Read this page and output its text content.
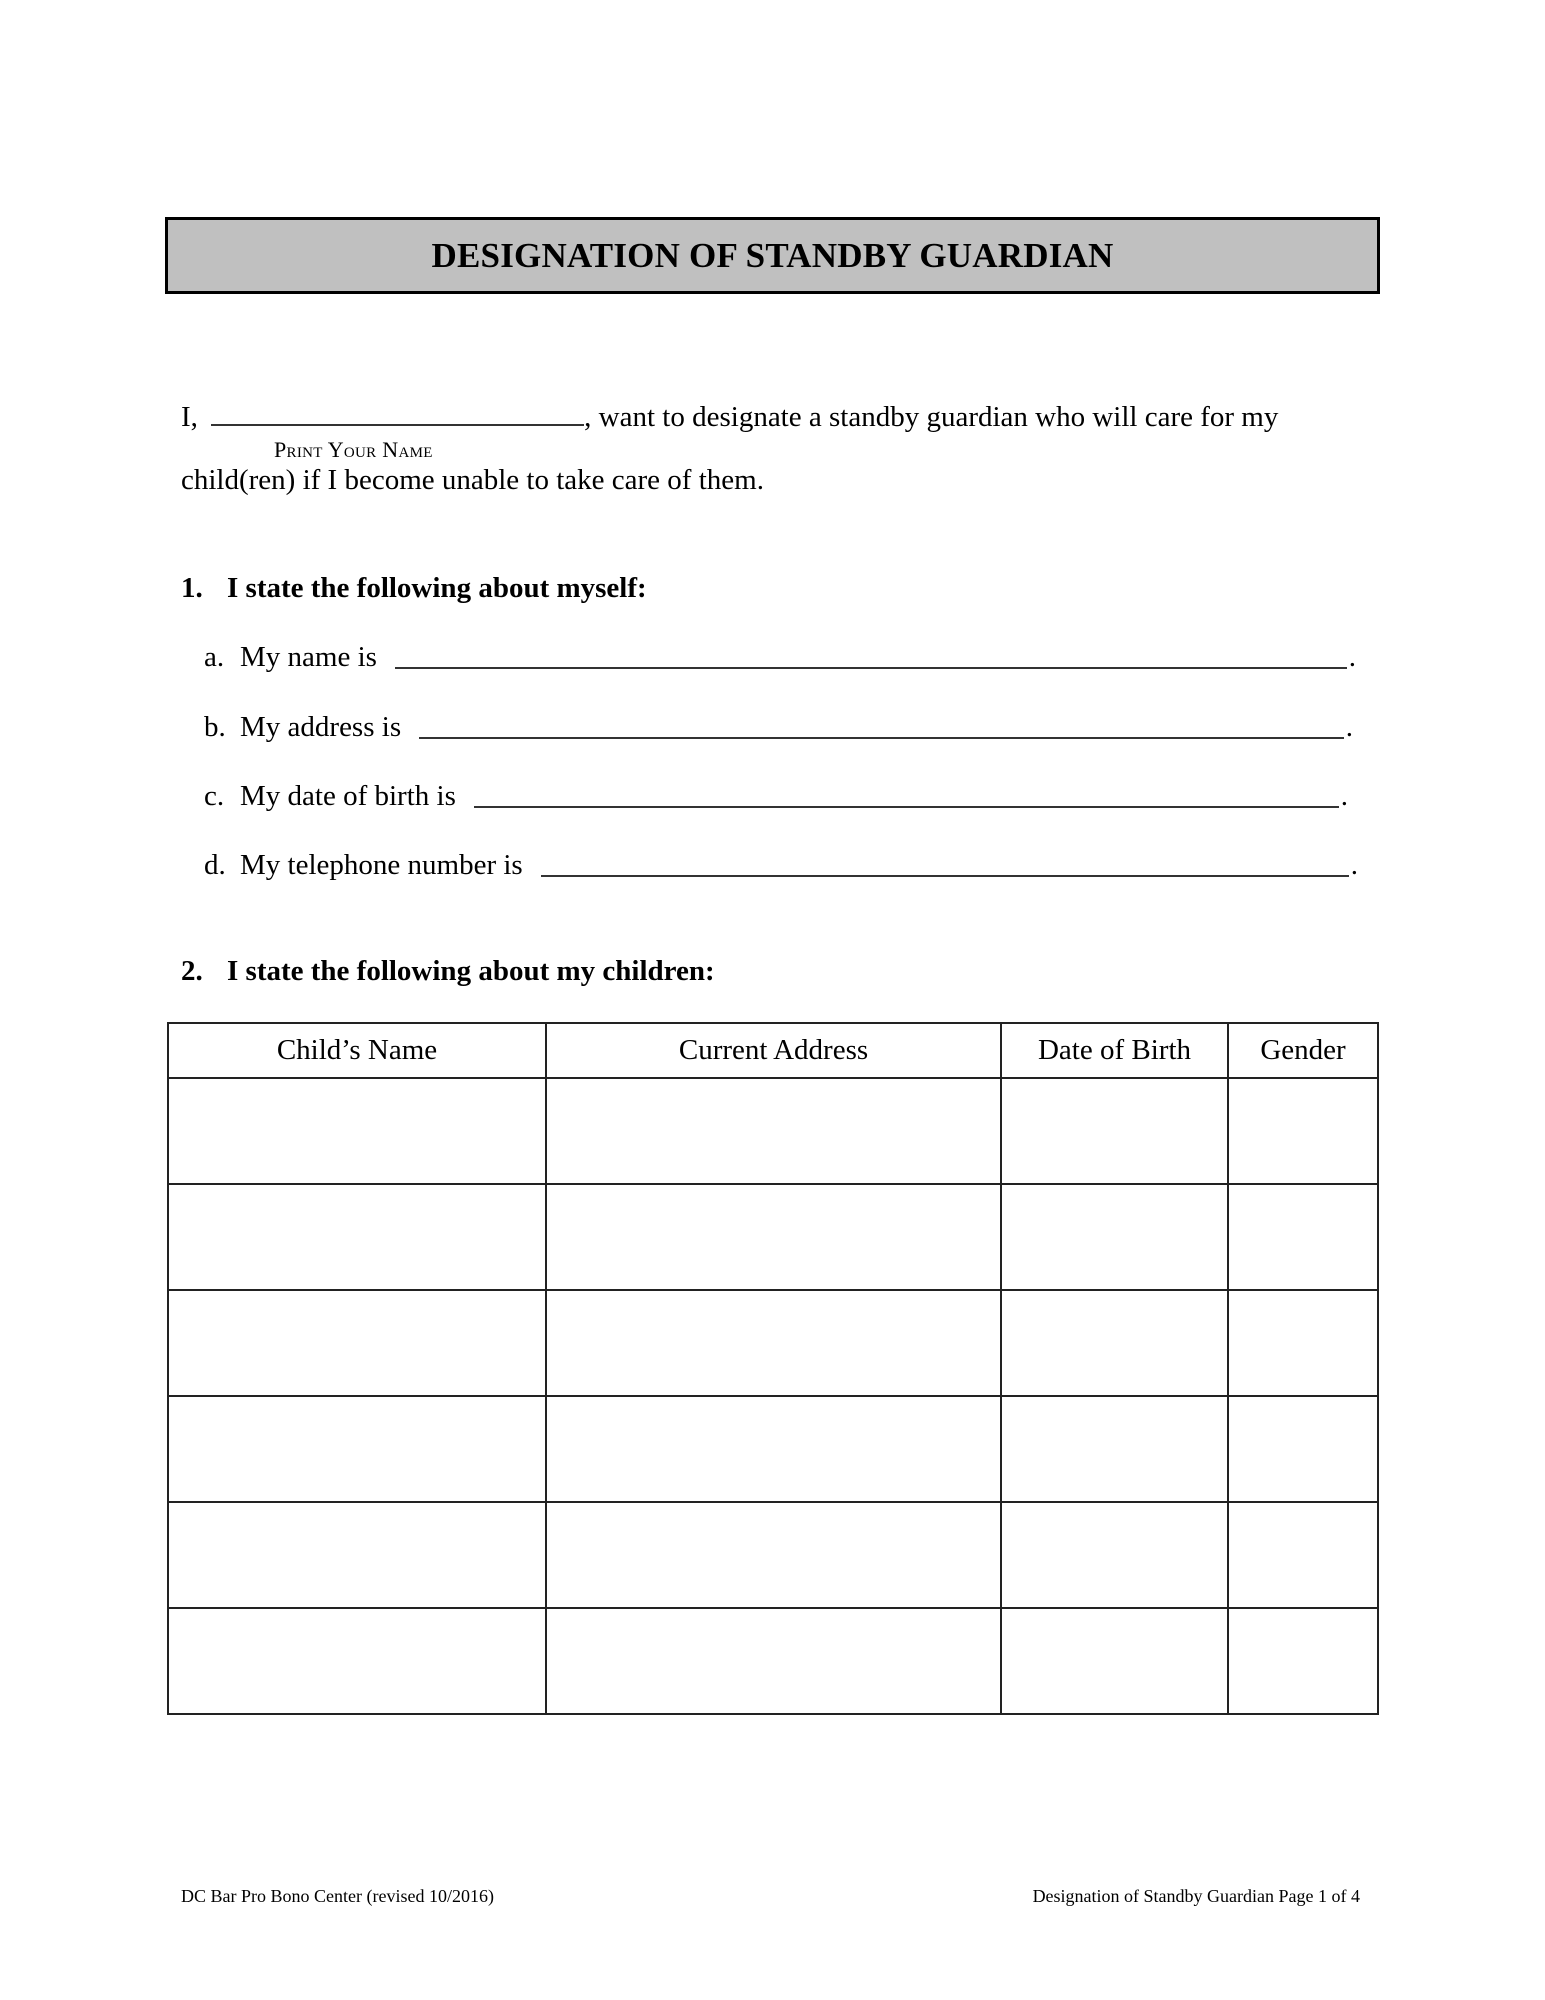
DESIGNATION OF STANDBY GUARDIAN
I,	, want to designate a standby guardian who will care for my
Print Your Name
child(ren) if I become unable to take care of them.
1. I state the following about myself:
a. My name is	.
b. My address is	.
c. My date of birth is	.
d. My telephone number is	.
2. I state the following about my children:
Child’s Name	Current Address	Date of Birth	Gender

DC Bar Pro Bono Center (revised 10/2016)	Designation of Standby Guardian Page 1 of 4
